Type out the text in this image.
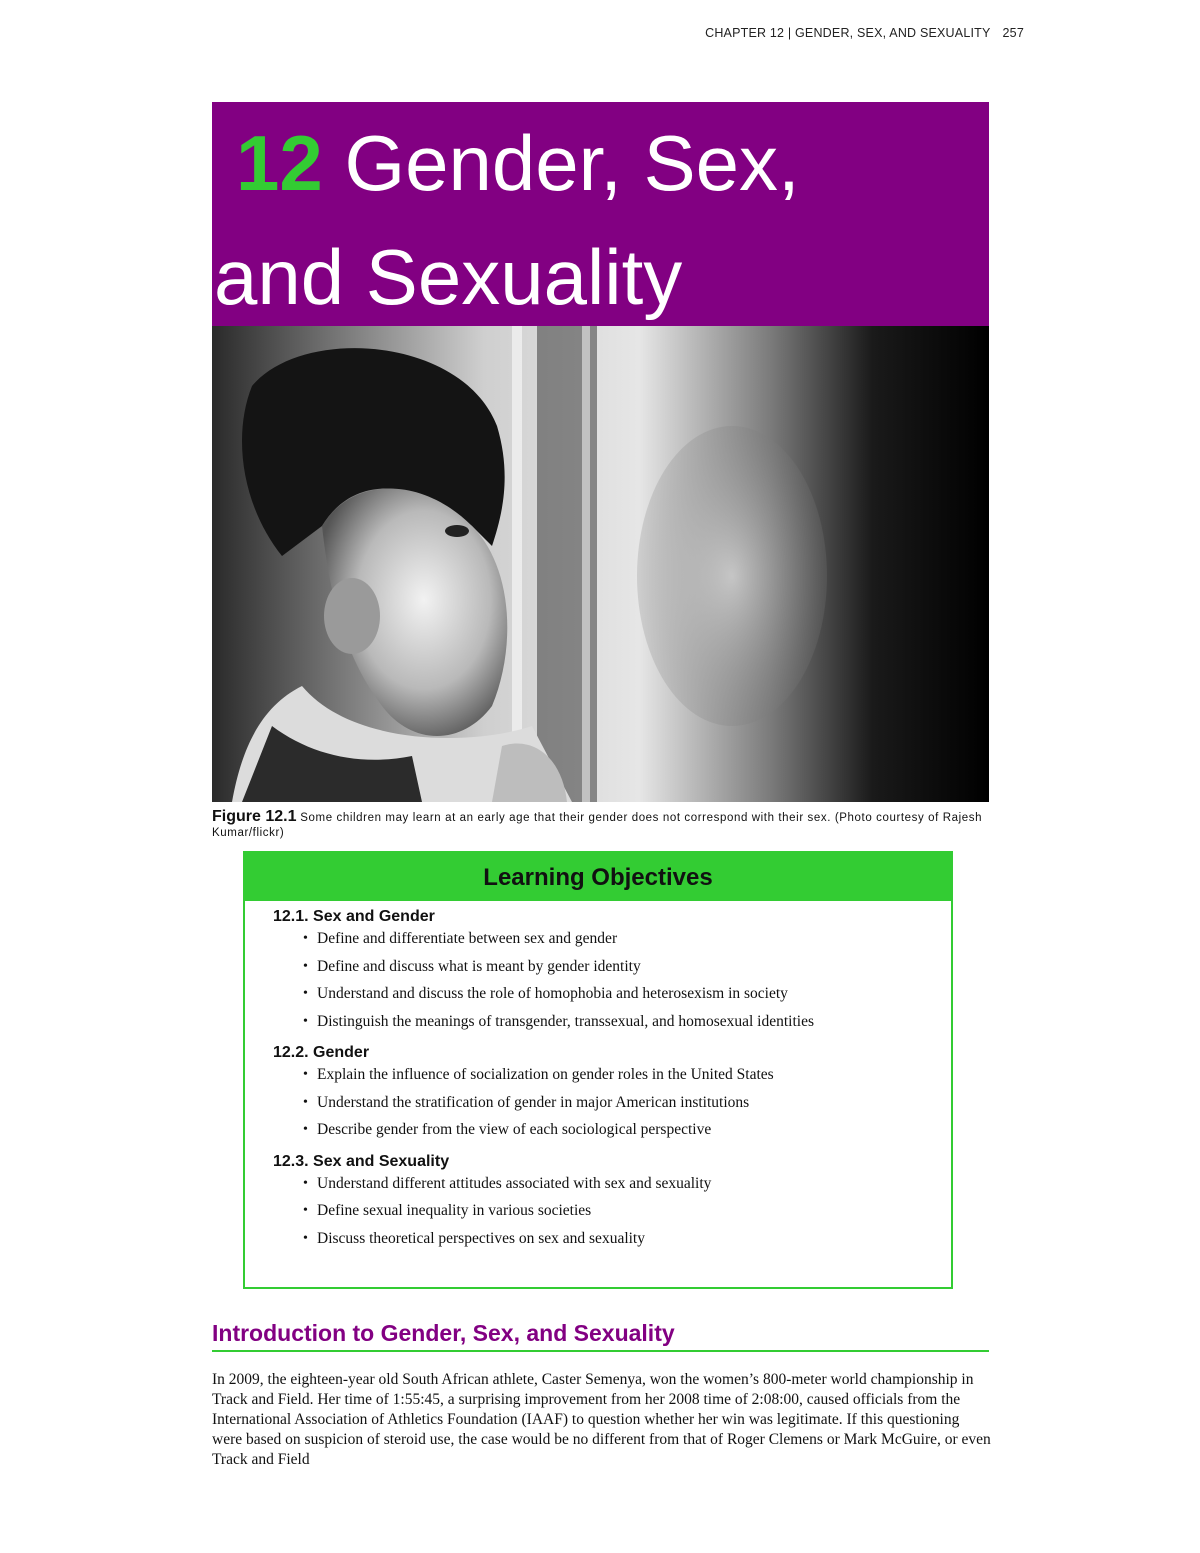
CHAPTER 12 | GENDER, SEX, AND SEXUALITY 257
12 Gender, Sex,
and Sexuality
Figure 12.1 Some children may learn at an early age that their gender does not correspond with their sex. (Photo courtesy of Rajesh Kumar/flickr)
Learning Objectives
12.1. Sex and Gender
• Define and differentiate between sex and gender
• Define and discuss what is meant by gender identity
• Understand and discuss the role of homophobia and heterosexism in society
• Distinguish the meanings of transgender, transsexual, and homosexual identities
12.2. Gender
• Explain the influence of socialization on gender roles in the United States
• Understand the stratification of gender in major American institutions
• Describe gender from the view of each sociological perspective
12.3. Sex and Sexuality
• Understand different attitudes associated with sex and sexuality
• Define sexual inequality in various societies
• Discuss theoretical perspectives on sex and sexuality
Introduction to Gender, Sex, and Sexuality

In 2009, the eighteen-year old South African athlete, Caster Semenya, won the women’s 800-meter world championship in Track and Field. Her time of 1:55:45, a surprising improvement from her 2008 time of 2:08:00, caused officials from the International Association of Athletics Foundation (IAAF) to question whether her win was legitimate. If this questioning were based on suspicion of steroid use, the case would be no different from that of Roger Clemens or Mark McGuire, or even Track and Field
